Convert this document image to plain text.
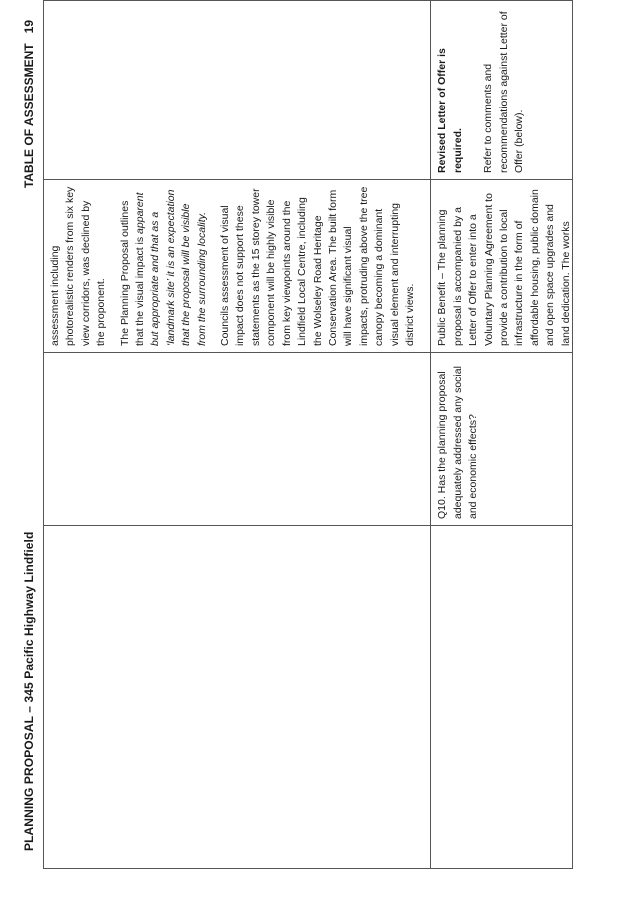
PLANNING PROPOSAL – 345 Pacific Highway Lindfield
TABLE OF ASSESSMENT19

		assessment including photorealistic renders from six key view corridors, was declined by the proponent. The Planning Proposal outlines that the visual impact is apparent but appropriate and that as a ‘landmark site’ it is an expectation that the proposal will be visible from the surrounding locality. Councils assessment of visual impact does not support these statements as the 15 storey tower component will be highly visible from key viewpoints around the Lindfield Local Centre, including the Wolseley Road Heritage Conservation Area. The built form will have significant visual impacts, protruding above the tree canopy becoming a dominant visual element and interrupting district views.	

	Q10. Has the planning proposal adequately addressed any social and economic effects?	Public Benefit – The planning proposal is accompanied by a Letter of Offer to enter into a Voluntary Planning Agreement to provide a contribution to local infrastructure in the form of affordable housing, public domain and open space upgrades and land dedication. The works	Revised Letter of Offer is required. Refer to comments and recommendations against Letter of Offer (below).
